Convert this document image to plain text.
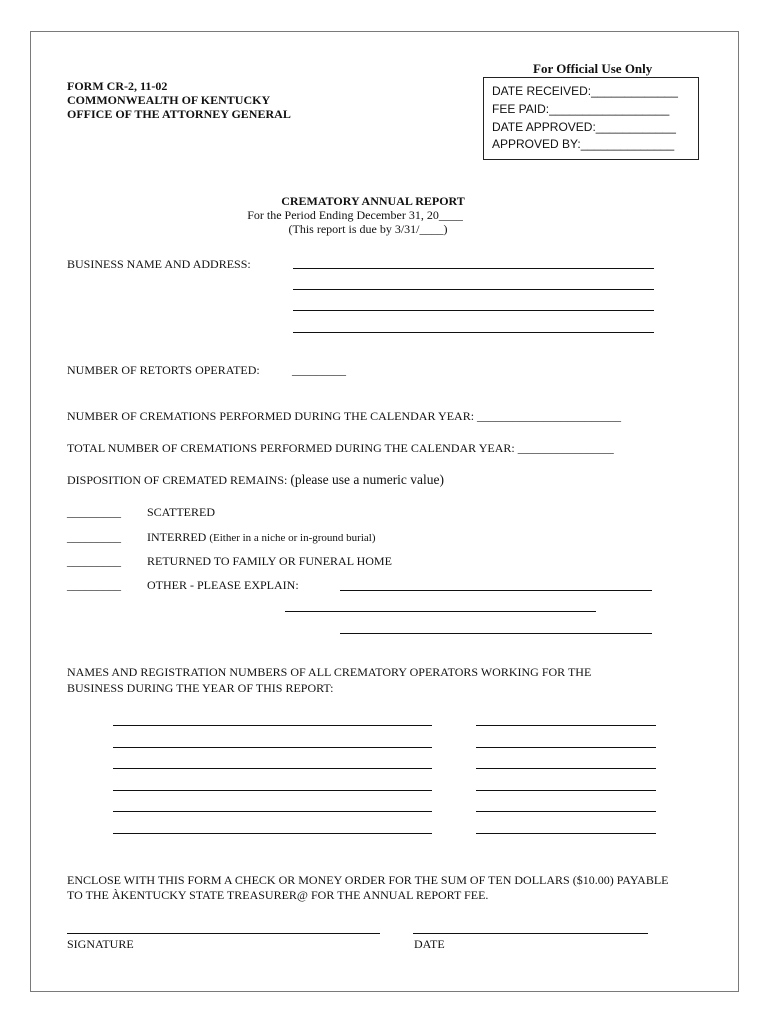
FORM CR-2, 11-02
COMMONWEALTH OF KENTUCKY
OFFICE OF THE ATTORNEY GENERAL
For Official Use Only
DATE RECEIVED:_____________
FEE PAID:__________________
DATE APPROVED:____________
APPROVED BY:______________
CREMATORY ANNUAL REPORT
For the Period Ending December 31, 20____
(This report is due by 3/31/____)
BUSINESS NAME AND ADDRESS:
NUMBER OF RETORTS OPERATED:	_________
NUMBER OF CREMATIONS PERFORMED DURING THE CALENDAR YEAR: ________________________
TOTAL NUMBER OF CREMATIONS PERFORMED DURING THE CALENDAR YEAR: ________________
DISPOSITION OF CREMATED REMAINS: (please use a numeric value)
_________ SCATTERED
_________ INTERRED (Either in a niche or in-ground burial)
_________ RETURNED TO FAMILY OR FUNERAL HOME
_________ OTHER - PLEASE EXPLAIN:
NAMES AND REGISTRATION NUMBERS OF ALL CREMATORY OPERATORS WORKING FOR THE
BUSINESS DURING THE YEAR OF THIS REPORT:
ENCLOSE WITH THIS FORM A CHECK OR MONEY ORDER FOR THE SUM OF TEN DOLLARS ($10.00) PAYABLE
TO THE ÀKENTUCKY STATE TREASURER@ FOR THE ANNUAL REPORT FEE.
SIGNATURE	DATE
